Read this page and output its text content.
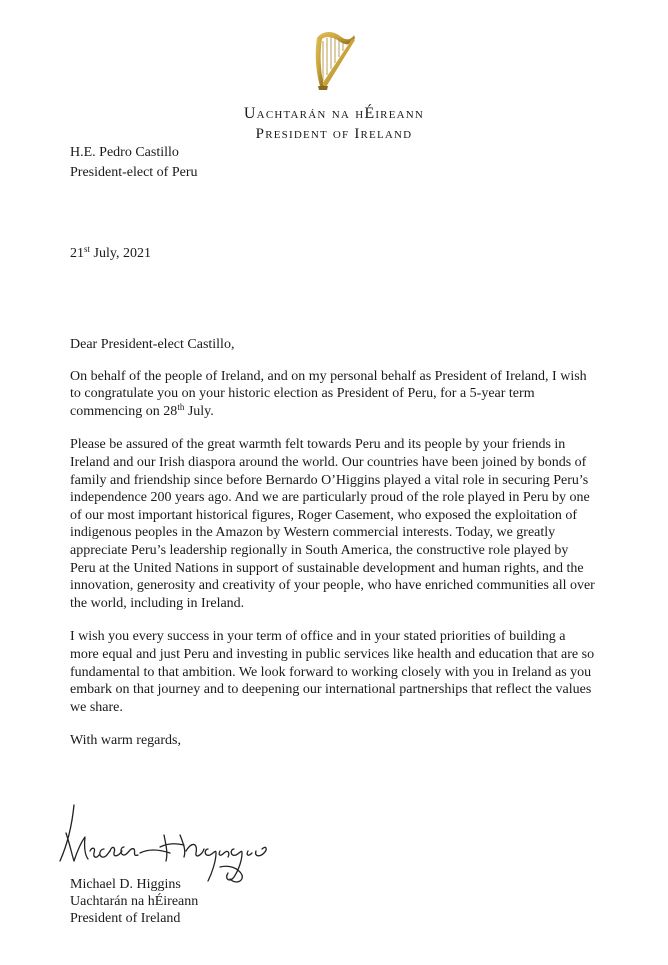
Uachtarán na hÉireann
President of Ireland
H.E. Pedro Castillo
President-elect of Peru
21st July, 2021

Dear President-elect Castillo,

On behalf of the people of Ireland, and on my personal behalf as President of Ireland, I wish to congratulate you on your historic election as President of Peru, for a 5-year term commencing on 28th July.

Please be assured of the great warmth felt towards Peru and its people by your friends in Ireland and our Irish diaspora around the world. Our countries have been joined by bonds of family and friendship since before Bernardo O’Higgins played a vital role in securing Peru’s independence 200 years ago. And we are particularly proud of the role played in Peru by one of our most important historical figures, Roger Casement, who exposed the exploitation of indigenous peoples in the Amazon by Western commercial interests. Today, we greatly appreciate Peru’s leadership regionally in South America, the constructive role played by Peru at the United Nations in support of sustainable development and human rights, and the innovation, generosity and creativity of your people, who have enriched communities all over the world, including in Ireland.

I wish you every success in your term of office and in your stated priorities of building a more equal and just Peru and investing in public services like health and education that are so fundamental to that ambition. We look forward to working closely with you in Ireland as you embark on that journey and to deepening our international partnerships that reflect the values we share.

With warm regards,

Michael D. Higgins
Uachtarán na hÉireann
President of Ireland
